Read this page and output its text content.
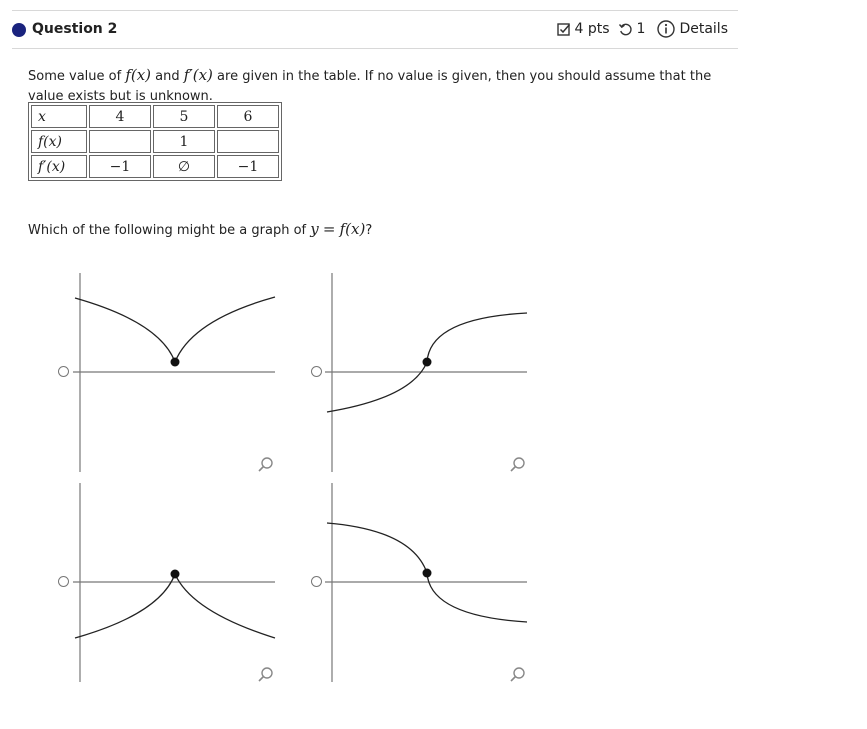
Question 2	4 pts 1 Details
Some value of f(x) and f′(x) are given in the table. If no value is given, then you should assume that the
value exists but is unknown.
x	4	5	6
f(x)		1	
f′(x)	−1	∅	−1
Which of the following might be a graph of y = f(x)?
